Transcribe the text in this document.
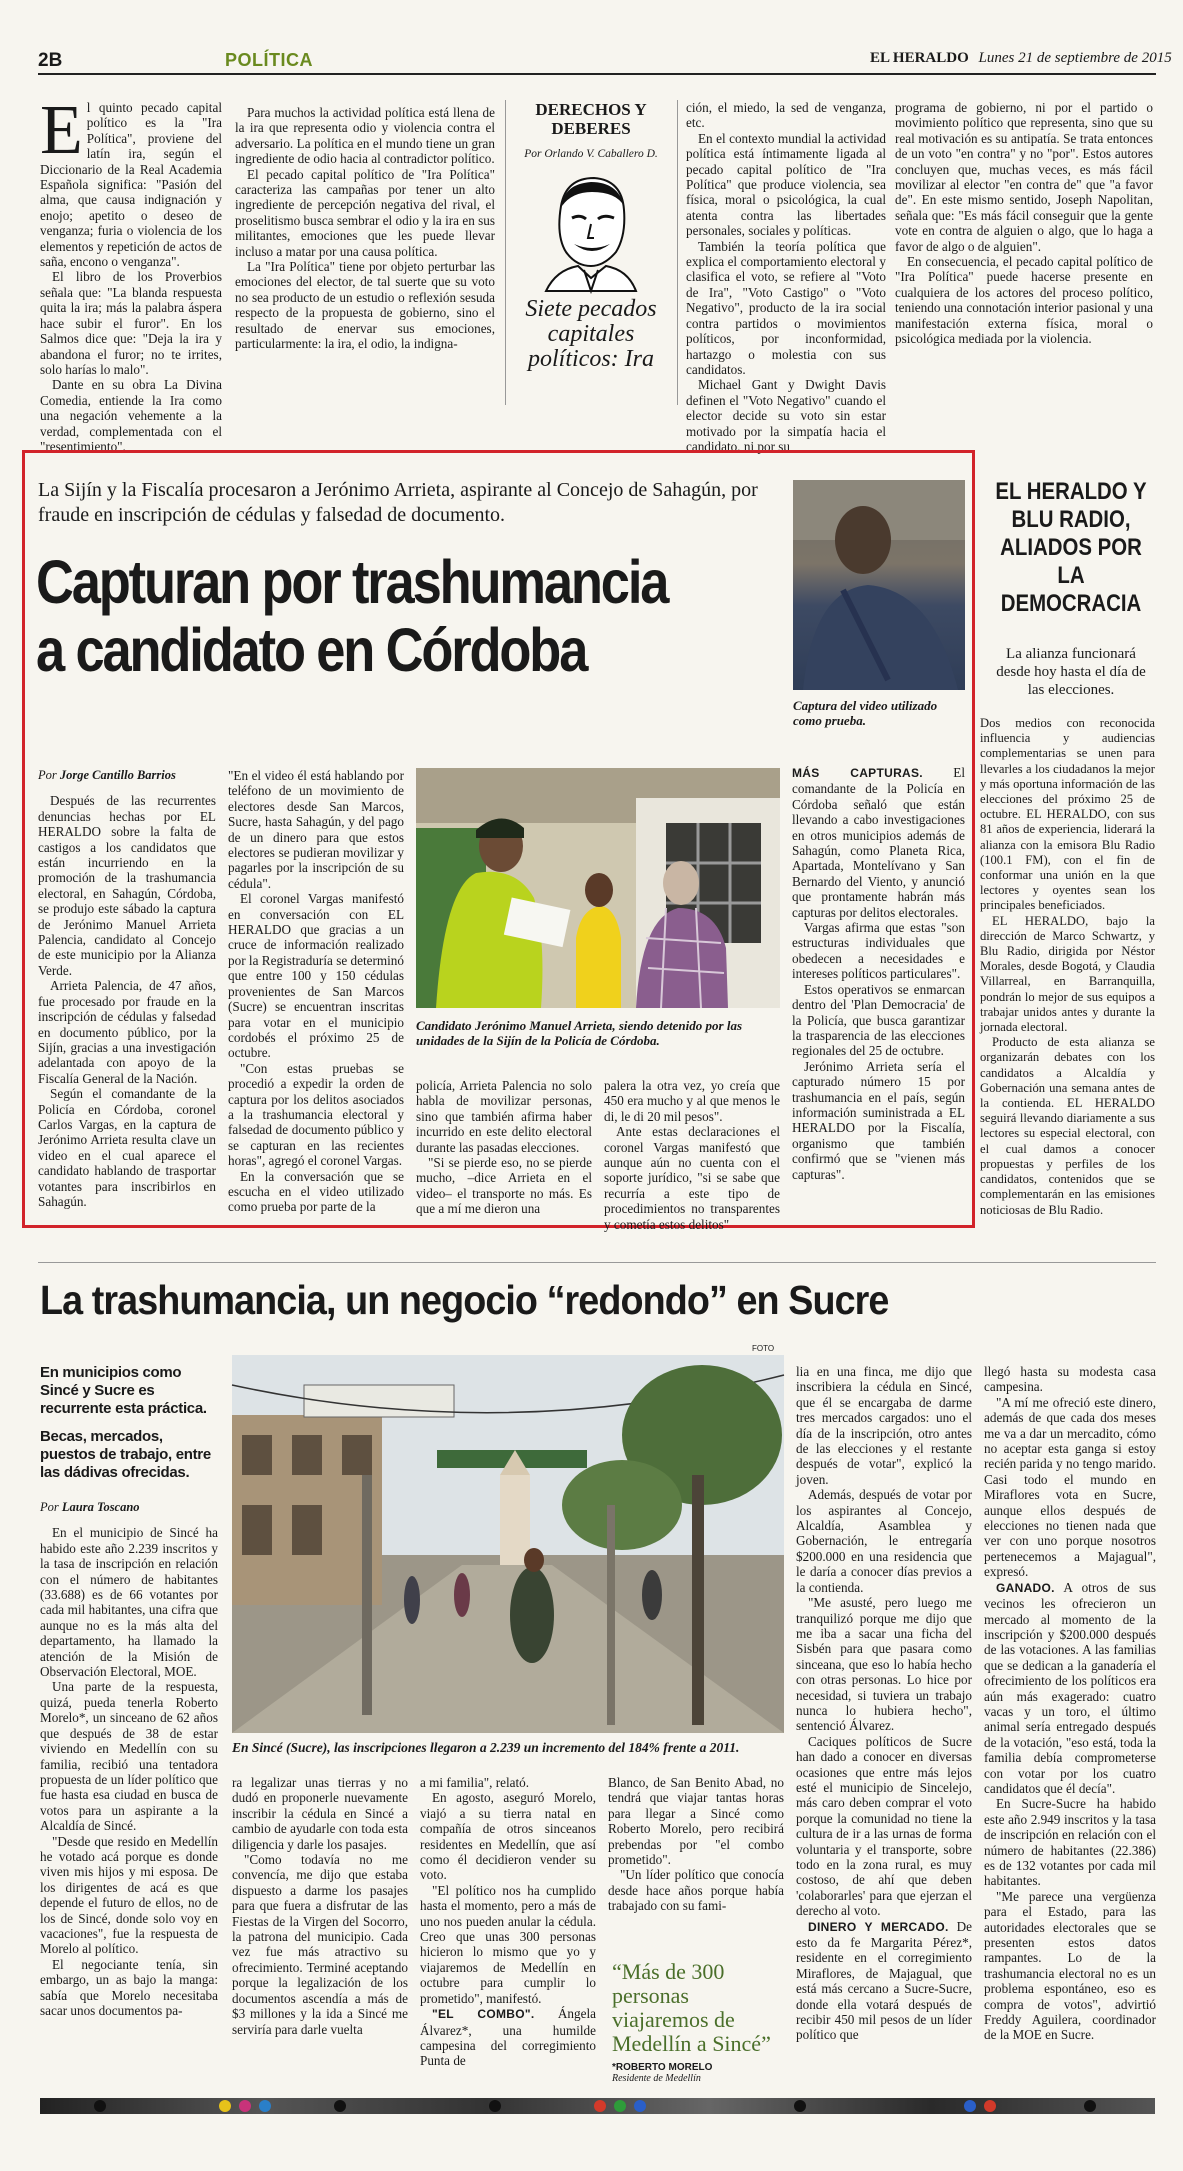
2B	POLÍTICA	EL HERALDO Lunes 21 de septiembre de 2015

El quinto pecado capital político es la "Ira Política", proviene del latín ira, según el Diccionario de la Real Academia Española significa: "Pasión del alma, que causa indignación y enojo; apetito o deseo de venganza; furia o violencia de los elementos y repetición de actos de saña, encono o venganza".

El libro de los Proverbios señala que: "La blanda respuesta quita la ira; más la palabra áspera hace subir el furor". En los Salmos dice que: "Deja la ira y abandona el furor; no te irrites, solo harías lo malo".

Dante en su obra La Divina Comedia, entiende la Ira como una negación vehemente a la verdad, complementada con el "resentimiento".

Para muchos la actividad política está llena de la ira que representa odio y violencia contra el adversario. La política en el mundo tiene un gran ingrediente de odio hacia al contradictor político.

El pecado capital político de "Ira Política" caracteriza las campañas por tener un alto ingrediente de percepción negativa del rival, el proselitismo busca sembrar el odio y la ira en sus militantes, emociones que les puede llevar incluso a matar por una causa política.

La "Ira Política" tiene por objeto perturbar las emociones del elector, de tal suerte que su voto no sea producto de un estudio o reflexión sesuda respecto de la propuesta de gobierno, sino el resultado de enervar sus emociones, particularmente: la ira, el odio, la indigna-

DERECHOS Y DEBERES
Por Orlando V. Caballero D.
Siete pecados capitales políticos: Ira

ción, el miedo, la sed de venganza, etc.

En el contexto mundial la actividad política está íntimamente ligada al pecado capital político de "Ira Política" que produce violencia, sea física, moral o psicológica, la cual atenta contra las libertades personales, sociales y políticas.

También la teoría política que explica el comportamiento electoral y clasifica el voto, se refiere al "Voto de Ira", "Voto Castigo" o "Voto Negativo", producto de la ira social contra partidos o movimientos políticos, por inconformidad, hartazgo o molestia con sus candidatos.

Michael Gant y Dwight Davis definen el "Voto Negativo" cuando el elector decide su voto sin estar motivado por la simpatía hacia el candidato, ni por su

programa de gobierno, ni por el partido o movimiento político que representa, sino que su real motivación es su antipatía. Se trata entonces de un voto "en contra" y no "por". Estos autores concluyen que, muchas veces, es más fácil movilizar al elector "en contra de" que "a favor de". En este mismo sentido, Joseph Napolitan, señala que: "Es más fácil conseguir que la gente vote en contra de alguien o algo, que lo haga a favor de algo o de alguien".

En consecuencia, el pecado capital político de "Ira Política" puede hacerse presente en cualquiera de los actores del proceso político, teniendo una connotación interior pasional y una manifestación externa física, moral o psicológica mediada por la violencia.

La Sijín y la Fiscalía procesaron a Jerónimo Arrieta, aspirante al Concejo de Sahagún, por fraude en inscripción de cédulas y falsedad de documento.
Capturan por trashumancia a candidato en Córdoba
Captura del video utilizado como prueba.
Por Jorge Cantillo Barrios

Después de las recurrentes denuncias hechas por EL HERALDO sobre la falta de castigos a los candidatos que están incurriendo en la promoción de la trashumancia electoral, en Sahagún, Córdoba, se produjo este sábado la captura de Jerónimo Manuel Arrieta Palencia, candidato al Concejo de este municipio por la Alianza Verde.

Arrieta Palencia, de 47 años, fue procesado por fraude en la inscripción de cédulas y falsedad en documento público, por la Sijín, gracias a una investigación adelantada con apoyo de la Fiscalía General de la Nación.

Según el comandante de la Policía en Córdoba, coronel Carlos Vargas, en la captura de Jerónimo Arrieta resulta clave un video en el cual aparece el candidato hablando de trasportar votantes para inscribirlos en Sahagún.

"En el video él está hablando por teléfono de un movimiento de electores desde San Marcos, Sucre, hasta Sahagún, y del pago de un dinero para que estos electores se pudieran movilizar y pagarles por la inscripción de su cédula".

El coronel Vargas manifestó en conversación con EL HERALDO que gracias a un cruce de información realizado por la Registraduría se determinó que entre 100 y 150 cédulas provenientes de San Marcos (Sucre) se encuentran inscritas para votar en el municipio cordobés el próximo 25 de octubre.

"Con estas pruebas se procedió a expedir la orden de captura por los delitos asociados a la trashumancia electoral y falsedad de documento público y se capturan en las recientes horas", agregó el coronel Vargas.

En la conversación que se escucha en el video utilizado como prueba por parte de la

Candidato Jerónimo Manuel Arrieta, siendo detenido por las unidades de la Sijín de la Policía de Córdoba.

policía, Arrieta Palencia no solo habla de movilizar personas, sino que también afirma haber incurrido en este delito electoral durante las pasadas elecciones.

"Si se pierde eso, no se pierde mucho, –dice Arrieta en el video– el transporte no más. Es que a mí me dieron una

palera la otra vez, yo creía que 450 era mucho y al que menos le di, le di 20 mil pesos".

Ante estas declaraciones el coronel Vargas manifestó que aunque aún no cuenta con el soporte jurídico, "si se sabe que recurría a este tipo de procedimientos no transparentes y cometía estos delitos"

MÁS CAPTURAS. El comandante de la Policía en Córdoba señaló que están llevando a cabo investigaciones en otros municipios además de Sahagún, como Planeta Rica, Apartada, Montelívano y San Bernardo del Viento, y anunció que prontamente habrán más capturas por delitos electorales.

Vargas afirma que estas "son estructuras individuales que obedecen a necesidades e intereses políticos particulares".

Estos operativos se enmarcan dentro del 'Plan Democracia' de la Policía, que busca garantizar la trasparencia de las elecciones regionales del 25 de octubre.

Jerónimo Arrieta sería el capturado número 15 por trashumancia en el país, según información suministrada a EL HERALDO por la Fiscalía, organismo que también confirmó que se "vienen más capturas".

EL HERALDO Y BLU RADIO, ALIADOS POR LA DEMOCRACIA
La alianza funcionará desde hoy hasta el día de las elecciones.

Dos medios con reconocida influencia y audiencias complementarias se unen para llevarles a los ciudadanos la mejor y más oportuna información de las elecciones del próximo 25 de octubre. EL HERALDO, con sus 81 años de experiencia, liderará la alianza con la emisora Blu Radio (100.1 FM), con el fin de conformar una unión en la que lectores y oyentes sean los principales beneficiados.

EL HERALDO, bajo la dirección de Marco Schwartz, y Blu Radio, dirigida por Néstor Morales, desde Bogotá, y Claudia Villarreal, en Barranquilla, pondrán lo mejor de sus equipos a trabajar unidos antes y durante la jornada electoral.

Producto de esta alianza se organizarán debates con los candidatos a Alcaldía y Gobernación una semana antes de la contienda. EL HERALDO seguirá llevando diariamente a sus lectores su especial electoral, con el cual damos a conocer propuestas y perfiles de los candidatos, contenidos que se complementarán en las emisiones noticiosas de Blu Radio.

La trashumancia, un negocio “redondo” en Sucre
FOTO
En municipios como Sincé y Sucre es recurrente esta práctica.
Becas, mercados, puestos de trabajo, entre las dádivas ofrecidas.
Por Laura Toscano

En el municipio de Sincé ha habido este año 2.239 inscritos y la tasa de inscripción en relación con el número de habitantes (33.688) es de 66 votantes por cada mil habitantes, una cifra que aunque no es la más alta del departamento, ha llamado la atención de la Misión de Observación Electoral, MOE.

Una parte de la respuesta, quizá, pueda tenerla Roberto Morelo*, un sinceano de 62 años que después de 38 de estar viviendo en Medellín con su familia, recibió una tentadora propuesta de un líder político que fue hasta esa ciudad en busca de votos para un aspirante a la Alcaldía de Sincé.

"Desde que resido en Medellín he votado acá porque es donde viven mis hijos y mi esposa. De los dirigentes de acá es que depende el futuro de ellos, no de los de Sincé, donde solo voy en vacaciones", fue la respuesta de Morelo al político.

El negociante tenía, sin embargo, un as bajo la manga: sabía que Morelo necesitaba sacar unos documentos pa-

En Sincé (Sucre), las inscripciones llegaron a 2.239 un incremento del 184% frente a 2011.

ra legalizar unas tierras y no dudó en proponerle nuevamente inscribir la cédula en Sincé a cambio de ayudarle con toda esta diligencia y darle los pasajes.

"Como todavía no me convencía, me dijo que estaba dispuesto a darme los pasajes para que fuera a disfrutar de las Fiestas de la Virgen del Socorro, la patrona del municipio. Cada vez fue más atractivo su ofrecimiento. Terminé aceptando porque la legalización de los documentos ascendía a más de $3 millones y la ida a Sincé me serviría para darle vuelta

a mi familia", relató.

En agosto, aseguró Morelo, viajó a su tierra natal en compañía de otros sinceanos residentes en Medellín, que así como él decidieron vender su voto.

"El político nos ha cumplido hasta el momento, pero a más de uno nos pueden anular la cédula. Creo que unas 300 personas hicieron lo mismo que yo y viajaremos de Medellín en octubre para cumplir lo prometido", manifestó.

"EL COMBO". Ángela Álvarez*, una humilde campesina del corregimiento Punta de

Blanco, de San Benito Abad, no tendrá que viajar tantas horas para llegar a Sincé como Roberto Morelo, pero recibirá prebendas por "el combo prometido".

"Un líder político que conocía desde hace años porque había trabajado con su fami-

“Más de 300 personas viajaremos de Medellín a Sincé”
*ROBERTO MORELO
Residente de Medellín

lia en una finca, me dijo que inscribiera la cédula en Sincé, que él se encargaba de darme tres mercados cargados: uno el día de la inscripción, otro antes de las elecciones y el restante después de votar", explicó la joven.

Además, después de votar por los aspirantes al Concejo, Alcaldía, Asamblea y Gobernación, le entregaría $200.000 en una residencia que le daría a conocer días previos a la contienda.

"Me asusté, pero luego me tranquilizó porque me dijo que me iba a sacar una ficha del Sisbén para que pasara como sinceana, que eso lo había hecho con otras personas. Lo hice por necesidad, si tuviera un trabajo nunca lo hubiera hecho", sentenció Álvarez.

Caciques políticos de Sucre han dado a conocer en diversas ocasiones que entre más lejos esté el municipio de Sincelejo, más caro deben comprar el voto porque la comunidad no tiene la cultura de ir a las urnas de forma voluntaria y el transporte, sobre todo en la zona rural, es muy costoso, de ahí que deben 'colaborarles' para que ejerzan el derecho al voto.

DINERO Y MERCADO. De esto da fe Margarita Pérez*, residente en el corregimiento Miraflores, de Majagual, que está más cercano a Sucre-Sucre, donde ella votará después de recibir 450 mil pesos de un líder político que

llegó hasta su modesta casa campesina.

"A mí me ofreció este dinero, además de que cada dos meses me va a dar un mercadito, cómo no aceptar esta ganga si estoy recién parida y no tengo marido. Casi todo el mundo en Miraflores vota en Sucre, aunque ellos después de elecciones no tienen nada que ver con uno porque nosotros pertenecemos a Majagual", expresó.

GANADO. A otros de sus vecinos les ofrecieron un mercado al momento de la inscripción y $200.000 después de las votaciones. A las familias que se dedican a la ganadería el ofrecimiento de los políticos era aún más exagerado: cuatro vacas y un toro, el último animal sería entregado después de la votación, "eso está, toda la familia debía comprometerse con votar por los cuatro candidatos que él decía".

En Sucre-Sucre ha habido este año 2.949 inscritos y la tasa de inscripción en relación con el número de habitantes (22.386) es de 132 votantes por cada mil habitantes.

"Me parece una vergüenza para el Estado, para las autoridades electorales que se presenten estos datos rampantes. Lo de la trashumancia electoral no es un problema espontáneo, eso es compra de votos", advirtió Freddy Aguilera, coordinador de la MOE en Sucre.
